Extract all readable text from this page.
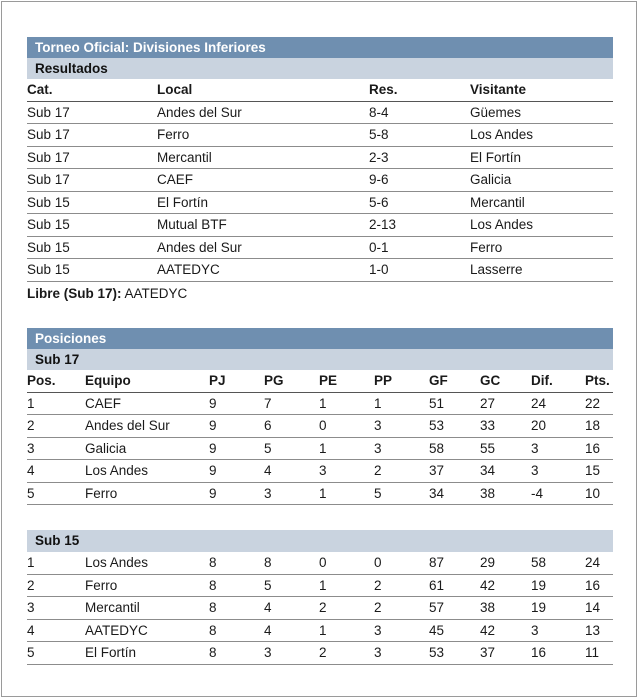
Torneo Oficial: Divisiones Inferiores
Resultados
Cat.	Local	Res.	Visitante
Sub 17	Andes del Sur	8-4	Güemes
Sub 17	Ferro	5-8	Los Andes
Sub 17	Mercantil	2-3	El Fortín
Sub 17	CAEF	9-6	Galicia
Sub 15	El Fortín	5-6	Mercantil
Sub 15	Mutual BTF	2-13	Los Andes
Sub 15	Andes del Sur	0-1	Ferro
Sub 15	AATEDYC	1-0	Lasserre
Libre (Sub 17): AATEDYC
Posiciones
Sub 17
Pos.	Equipo	PJ	PG	PE	PP	GF	GC	Dif.	Pts.
1	CAEF	9	7	1	1	51	27	24	22
2	Andes del Sur	9	6	0	3	53	33	20	18
3	Galicia	9	5	1	3	58	55	3	16
4	Los Andes	9	4	3	2	37	34	3	15
5	Ferro	9	3	1	5	34	38	-4	10
Sub 15
1	Los Andes	8	8	0	0	87	29	58	24
2	Ferro	8	5	1	2	61	42	19	16
3	Mercantil	8	4	2	2	57	38	19	14
4	AATEDYC	8	4	1	3	45	42	3	13
5	El Fortín	8	3	2	3	53	37	16	11
